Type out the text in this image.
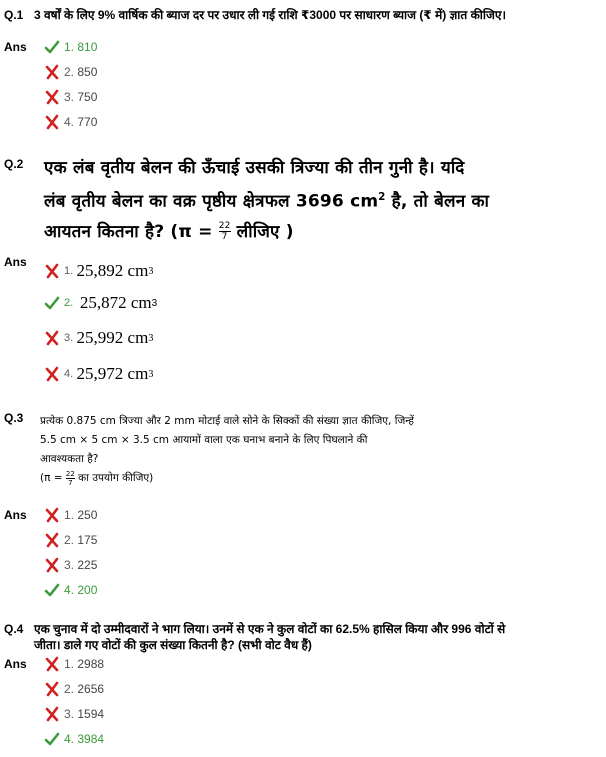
Q.1 3 वर्षों के लिए 9% वार्षिक की ब्याज दर पर उधार ली गई राशि ₹3000 पर साधारण ब्याज (₹ में) ज्ञात कीजिए।
Ans	1.
810
2.
850
3.
750
4.
770
Q.2 एक लंब वृतीय बेलन की ऊँचाई उसकी त्रिज्या की तीन गुनी है। यदि
लंब वृतीय बेलन का वक्र पृष्ठीय क्षेत्रफल 3696 $cm^2$ है, तो बेलन का
आयतन कितना है? ($\pi = \frac{22}{7}$ लीजिए )
Ans
1.
25,892 cm 3
2.
25,872 cm 3
3.
25,992 cm 3
4.
25,972 cm 3
Q.3 प्रत्येक 0.875 cm त्रिज्या और 2 mm मोटाई वाले सोने के सिक्कों की संख्या ज्ञात कीजिए, जिन्हें
5.5 cm × 5 cm × 3.5 cm आयामों वाला एक घनाभ बनाने के लिए पिघलाने की
आवश्यकता है?
($\pi = \frac{22}{7}$ का उपयोग कीजिए)
Ans	1.
250
2.
175
3.
225
4.
200
Q.4 एक चुनाव में दो उम्मीदवारों ने भाग लिया। उनमें से एक ने कुल वोटों का 62.5% हासिल किया और 996 वोटों से जीता। डाले गए वोटों की कुल संख्या कितनी है? (सभी वोट वैध हैं)
Ans	1.
2988
2.
2656
3.
1594
4.
3984
